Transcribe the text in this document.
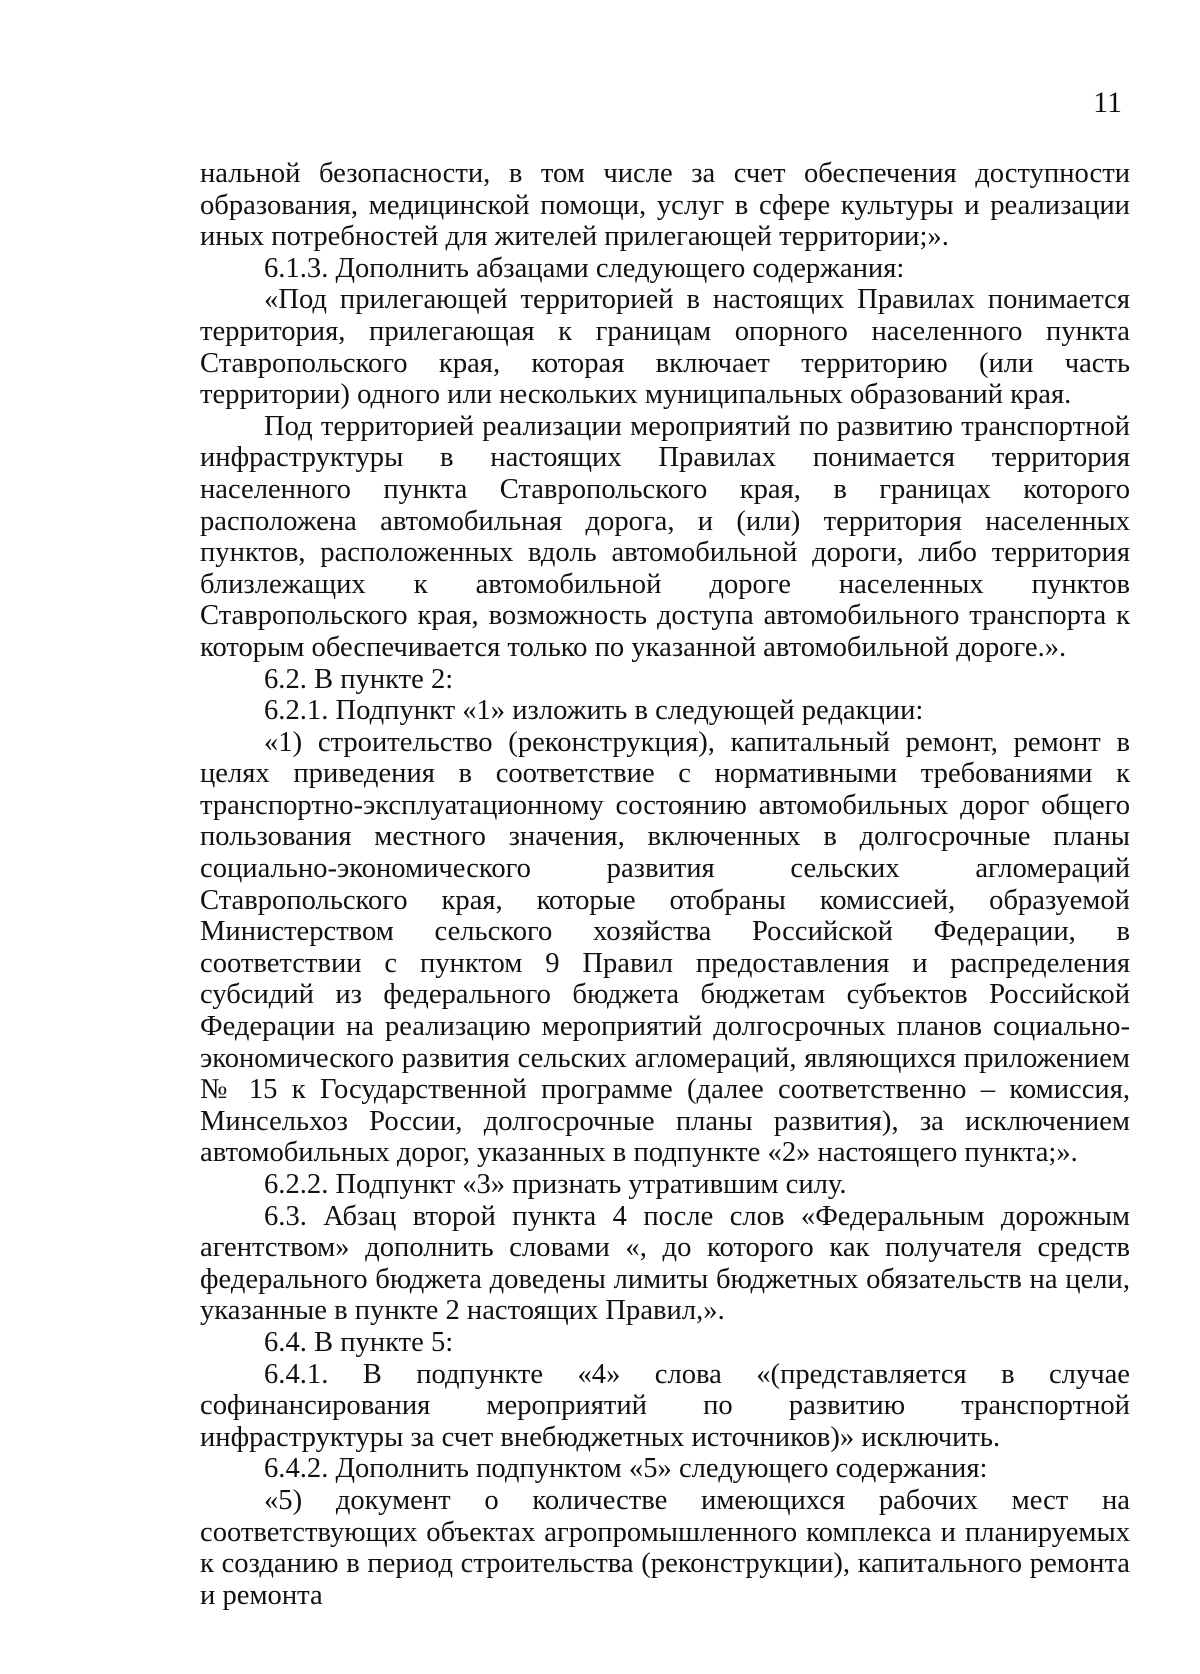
11

нальной безопасности, в том числе за счет обеспечения доступности образования, медицинской помощи, услуг в сфере культуры и реализации иных потребностей для жителей прилегающей территории;».

6.1.3. Дополнить абзацами следующего содержания:

«Под прилегающей территорией в настоящих Правилах понимается территория, прилегающая к границам опорного населенного пункта Ставропольского края, которая включает территорию (или часть территории) одного или нескольких муниципальных образований края.

Под территорией реализации мероприятий по развитию транспортной инфраструктуры в настоящих Правилах понимается территория населенного пункта Ставропольского края, в границах которого расположена автомобильная дорога, и (или) территория населенных пунктов, расположенных вдоль автомобильной дороги, либо территория близлежащих к автомобильной дороге населенных пунктов Ставропольского края, возможность доступа автомобильного транспорта к которым обеспечивается только по указанной автомобильной дороге.».

6.2. В пункте 2:

6.2.1. Подпункт «1» изложить в следующей редакции:

«1) строительство (реконструкция), капитальный ремонт, ремонт в целях приведения в соответствие с нормативными требованиями к транспортно-эксплуатационному состоянию автомобильных дорог общего пользования местного значения, включенных в долгосрочные планы социально-экономического развития сельских агломераций Ставропольского края, которые отобраны комиссией, образуемой Министерством сельского хозяйства Российской Федерации, в соответствии с пунктом 9 Правил предоставления и распределения субсидий из федерального бюджета бюджетам субъектов Российской Федерации на реализацию мероприятий долгосрочных планов социально-экономического развития сельских агломераций, являющихся приложением № 15 к Государственной программе (далее соответственно – комиссия, Минсельхоз России, долгосрочные планы развития), за исключением автомобильных дорог, указанных в подпункте «2» настоящего пункта;».

6.2.2. Подпункт «3» признать утратившим силу.

6.3. Абзац второй пункта 4 после слов «Федеральным дорожным агентством» дополнить словами «, до которого как получателя средств федерального бюджета доведены лимиты бюджетных обязательств на цели, указанные в пункте 2 настоящих Правил,».

6.4. В пункте 5:

6.4.1. В подпункте «4» слова «(представляется в случае софинансирования мероприятий по развитию транспортной инфраструктуры за счет внебюджетных источников)» исключить.

6.4.2. Дополнить подпунктом «5» следующего содержания:

«5) документ о количестве имеющихся рабочих мест на соответствующих объектах агропромышленного комплекса и планируемых к созданию в период строительства (реконструкции), капитального ремонта и ремонта
